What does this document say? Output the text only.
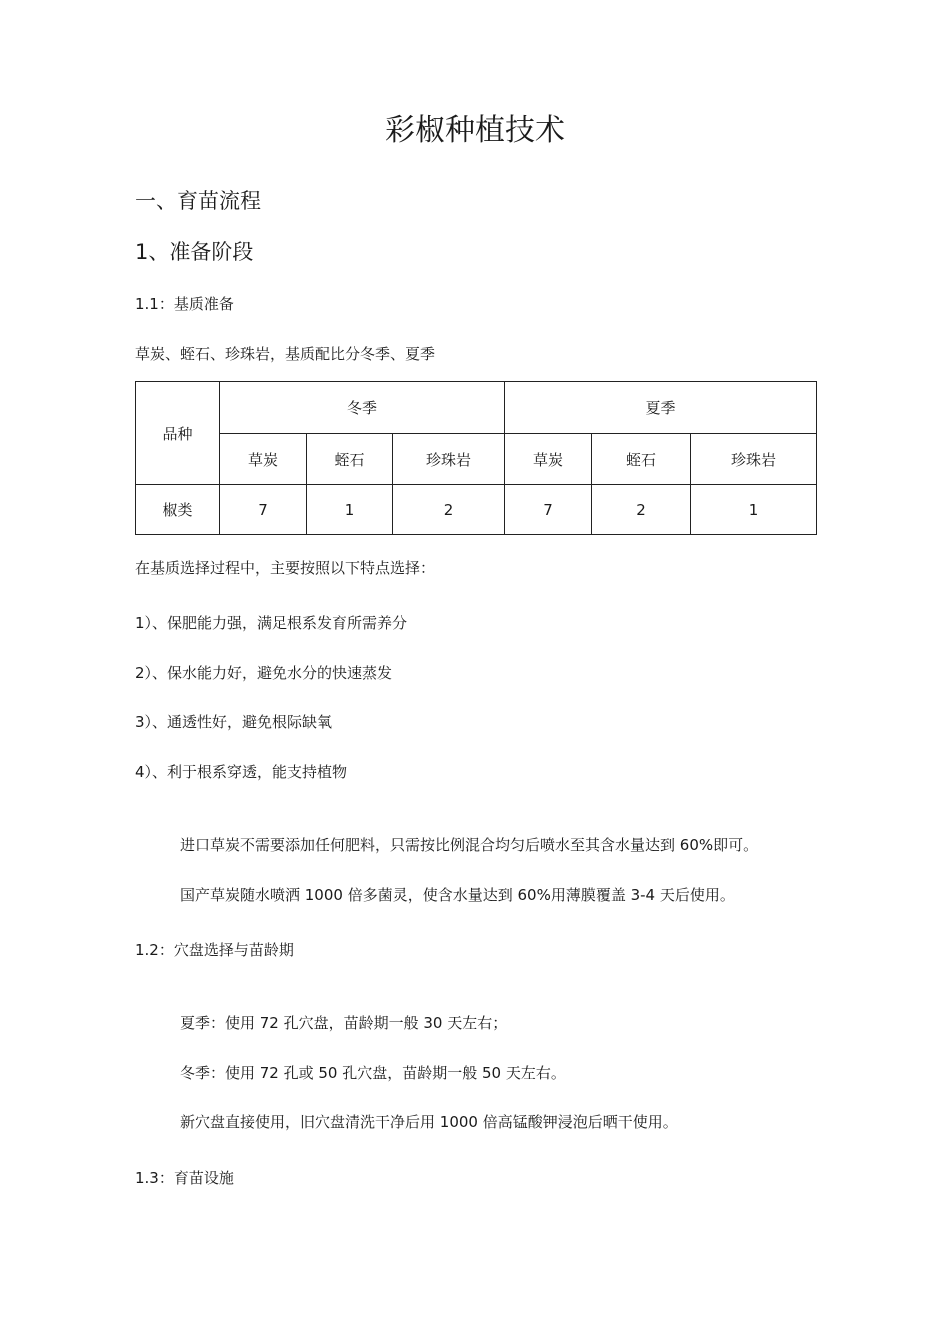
彩椒种植技术
一、育苗流程
1、准备阶段
1.1：基质准备
草炭、蛭石、珍珠岩，基质配比分冬季、夏季
品种	冬季			夏季		
	草炭	蛭石	珍珠岩	草炭	蛭石	珍珠岩
椒类	7	1	2	7	2	1
在基质选择过程中，主要按照以下特点选择：
1）、保肥能力强，满足根系发育所需养分
2）、保水能力好，避免水分的快速蒸发
3）、通透性好，避免根际缺氧
4）、利于根系穿透，能支持植物
进口草炭不需要添加任何肥料，只需按比例混合均匀后喷水至其含水量达到 60%即可。
国产草炭随水喷洒 1000 倍多菌灵，使含水量达到 60%用薄膜覆盖 3-4 天后使用。
1.2：穴盘选择与苗龄期
夏季：使用 72 孔穴盘，苗龄期一般 30 天左右；
冬季：使用 72 孔或 50 孔穴盘，苗龄期一般 50 天左右。
新穴盘直接使用，旧穴盘清洗干净后用 1000 倍高锰酸钾浸泡后晒干使用。
1.3：育苗设施
